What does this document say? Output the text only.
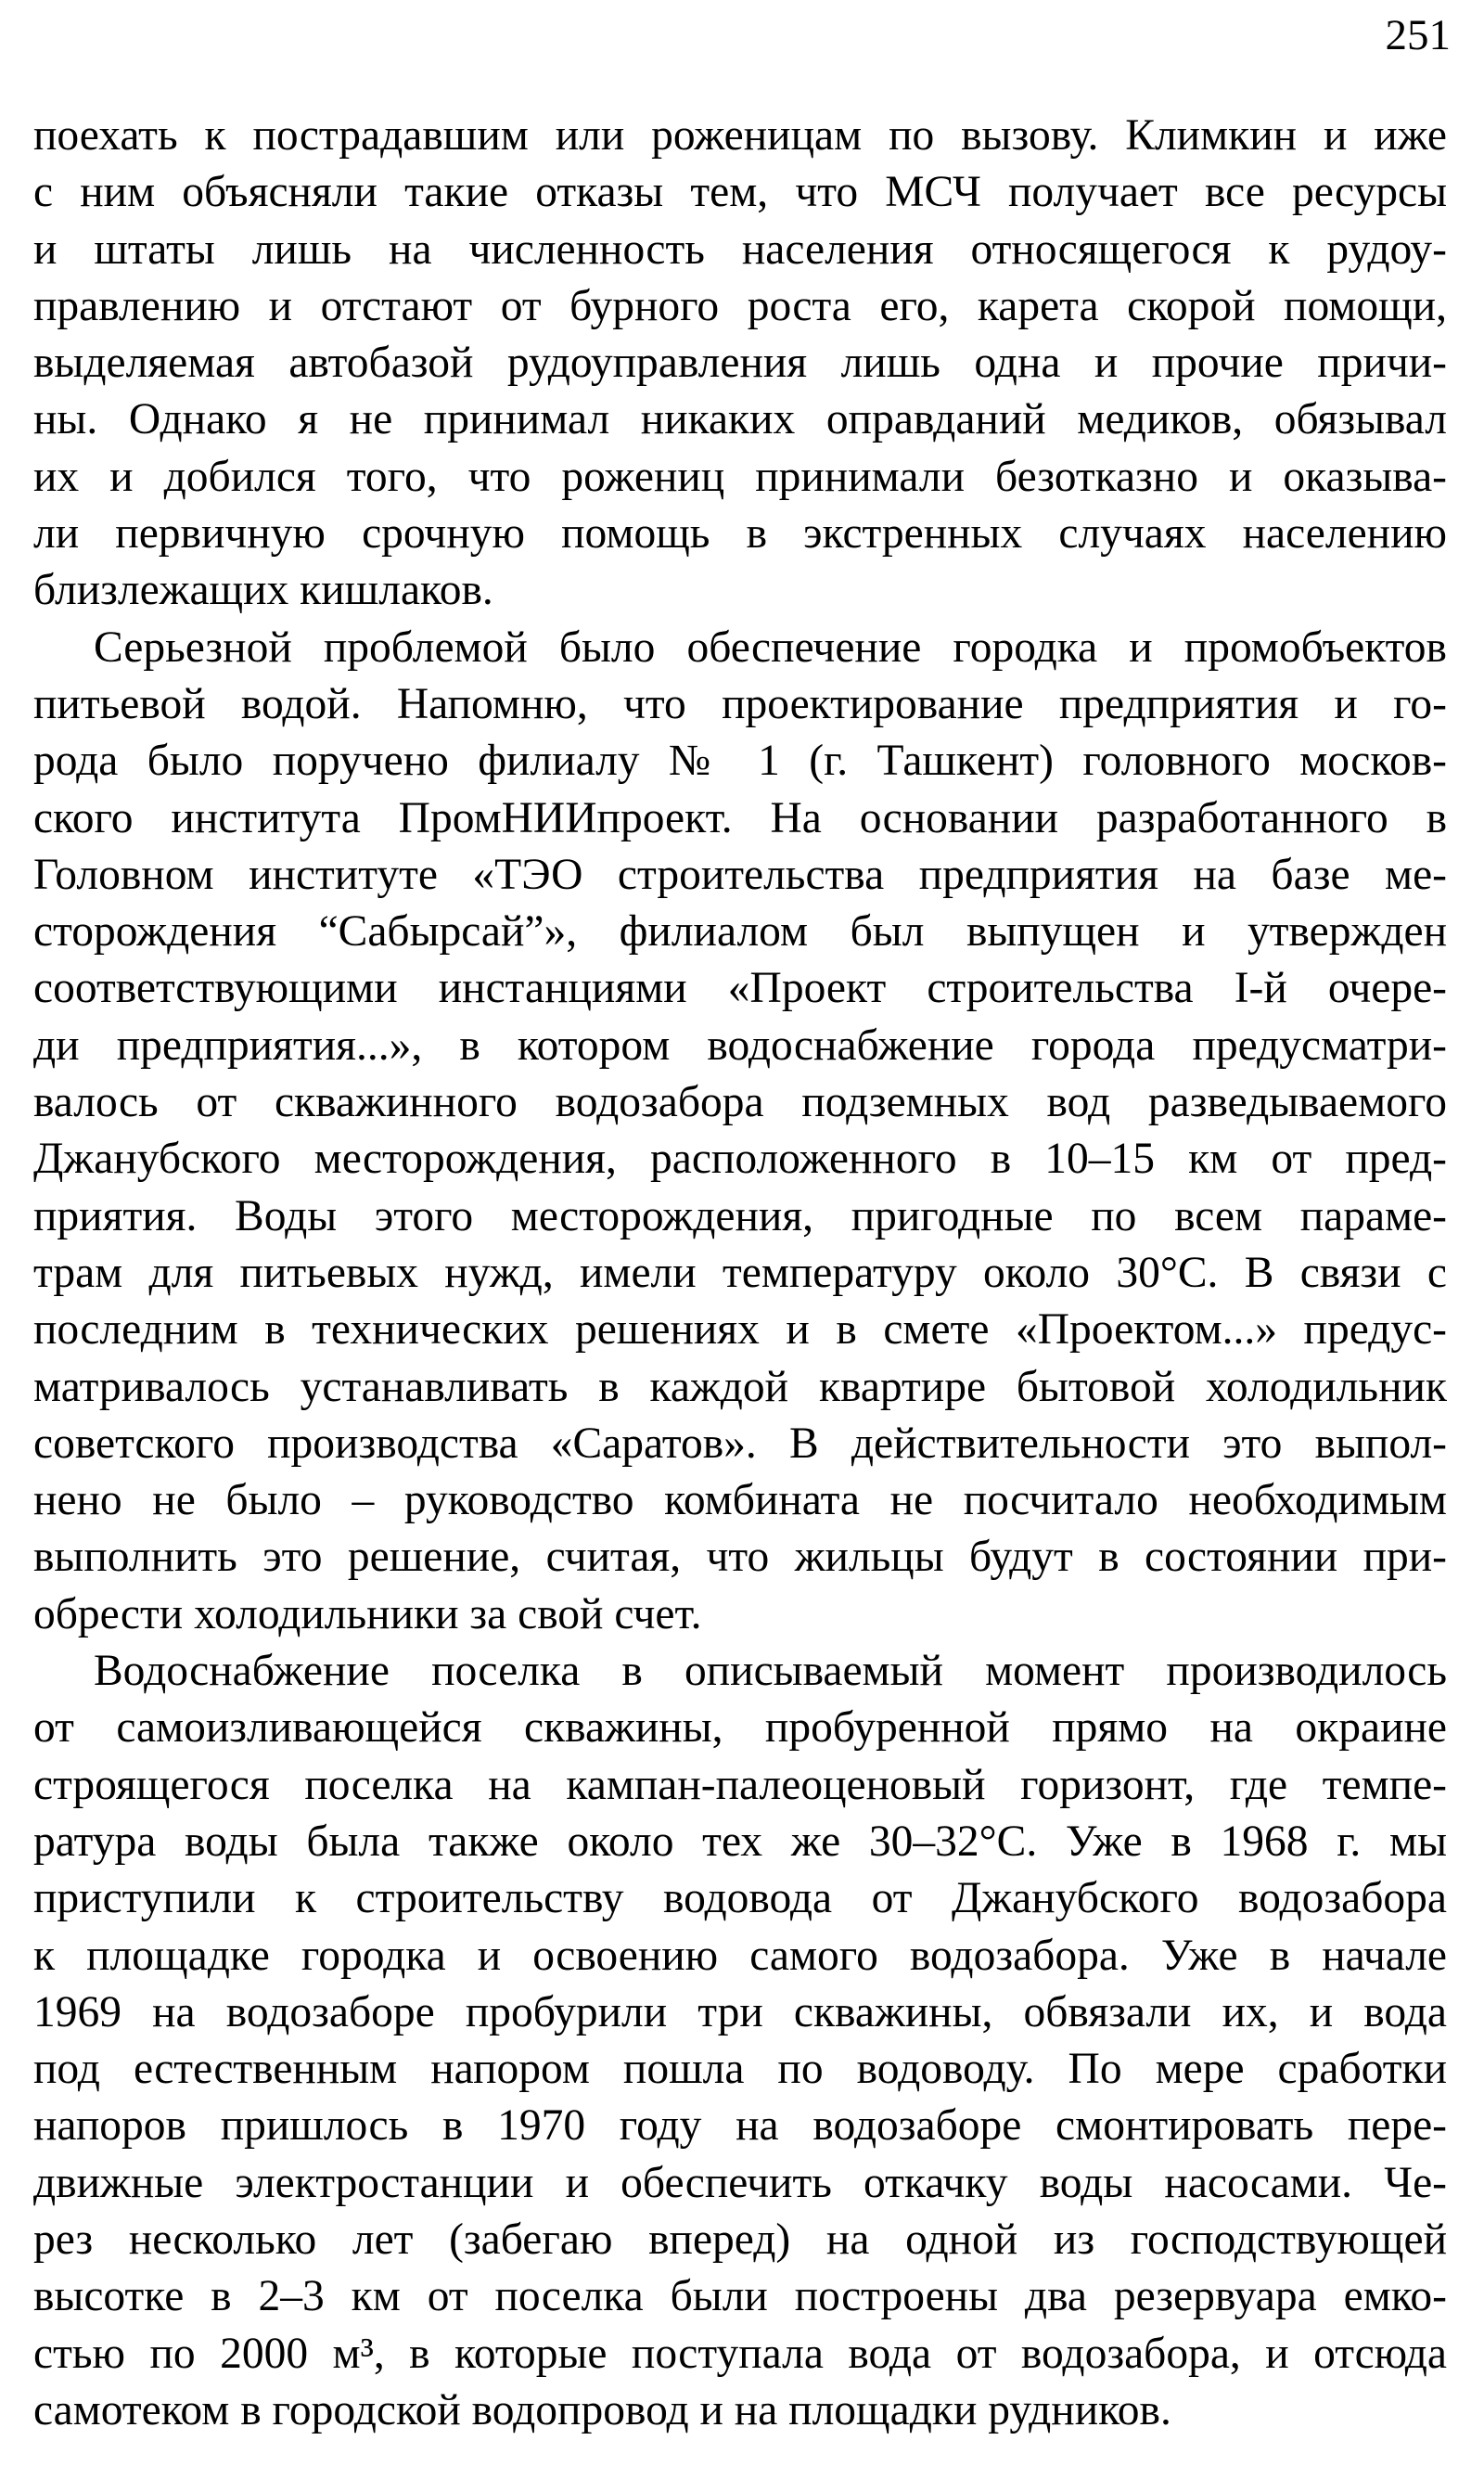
251
поехать к пострадавшим или роженицам по вызову. Климкин и иже
с ним объясняли такие отказы тем, что МСЧ получает все ресурсы
и штаты лишь на численность населения относящегося к рудоу-
правлению и отстают от бурного роста его, карета скорой помощи,
выделяемая автобазой рудоуправления лишь одна и прочие причи-
ны. Однако я не принимал никаких оправданий медиков, обязывал
их и добился того, что рожениц принимали безотказно и оказыва-
ли первичную срочную помощь в экстренных случаях населению
близлежащих кишлаков.
Серьезной проблемой было обеспечение городка и промобъектов
питьевой водой. Напомню, что проектирование предприятия и го-
рода было поручено филиалу № 1 (г. Ташкент) головного москов-
ского института ПромНИИпроект. На основании разработанного в
Головном институте «ТЭО строительства предприятия на базе ме-
сторождения “Сабырсай”», филиалом был выпущен и утвержден
соответствующими инстанциями «Проект строительства I-й очере-
ди предприятия...», в котором водоснабжение города предусматри-
валось от скважинного водозабора подземных вод разведываемого
Джанубского месторождения, расположенного в 10–15 км от пред-
приятия. Воды этого месторождения, пригодные по всем параме-
трам для питьевых нужд, имели температуру около 30°С. В связи с
последним в технических решениях и в смете «Проектом...» предус-
матривалось устанавливать в каждой квартире бытовой холодильник
советского производства «Саратов». В действительности это выпол-
нено не было – руководство комбината не посчитало необходимым
выполнить это решение, считая, что жильцы будут в состоянии при-
обрести холодильники за свой счет.
Водоснабжение поселка в описываемый момент производилось
от самоизливающейся скважины, пробуренной прямо на окраине
строящегося поселка на кампан-палеоценовый горизонт, где темпе-
ратура воды была также около тех же 30–32°С. Уже в 1968 г. мы
приступили к строительству водовода от Джанубского водозабора
к площадке городка и освоению самого водозабора. Уже в начале
1969 на водозаборе пробурили три скважины, обвязали их, и вода
под естественным напором пошла по водоводу. По мере сработки
напоров пришлось в 1970 году на водозаборе смонтировать пере-
движные электростанции и обеспечить откачку воды насосами. Че-
рез несколько лет (забегаю вперед) на одной из господствующей
высотке в 2–3 км от поселка были построены два резервуара емко-
стью по 2000 м³, в которые поступала вода от водозабора, и отсюда
самотеком в городской водопровод и на площадки рудников.
